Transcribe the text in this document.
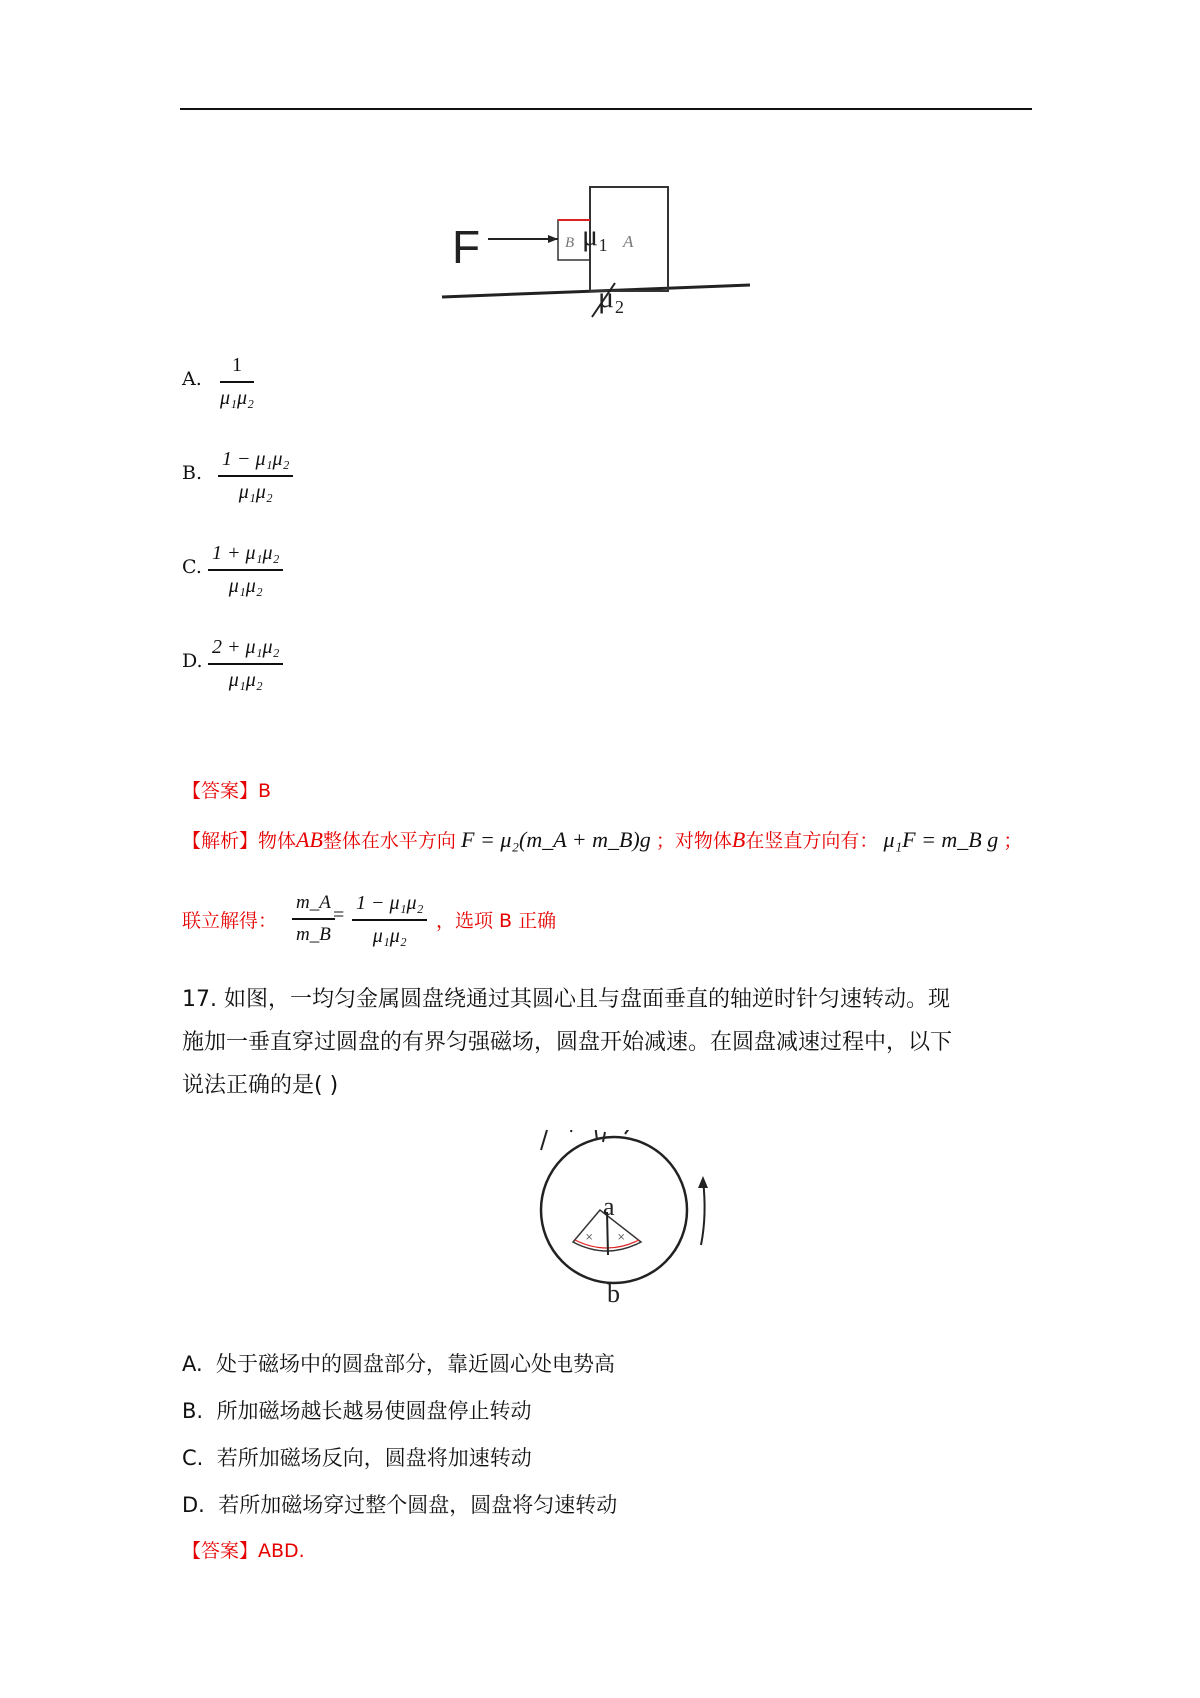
F	B μ₁ A
μ₂
A.
1
μ₁μ₂
B.
1 − μ₁μ₂
μ₁μ₂
C.
1 + μ₁μ₂
μ₁μ₂
D.
2 + μ₁μ₂
μ₁μ₂
【答案】B
【解析】物体AB整体在水平方向 F = μ₂(m_A + m_B)g ；对物体B在竖直方向有： μ₁F = m_B g ；
联立解得：
m_A
m_B
=
1 − μ₁μ₂
μ₁μ₂
，选项 B 正确
17. 如图，一均匀金属圆盘绕通过其圆心且与盘面垂直的轴逆时针匀速转动。现
施加一垂直穿过圆盘的有界匀强磁场，圆盘开始减速。在圆盘减速过程中，以下
说法正确的是( )
× ×
a
b
A. 处于磁场中的圆盘部分，靠近圆心处电势高
B. 所加磁场越长越易使圆盘停止转动
C. 若所加磁场反向，圆盘将加速转动
D. 若所加磁场穿过整个圆盘，圆盘将匀速转动
【答案】ABD.
